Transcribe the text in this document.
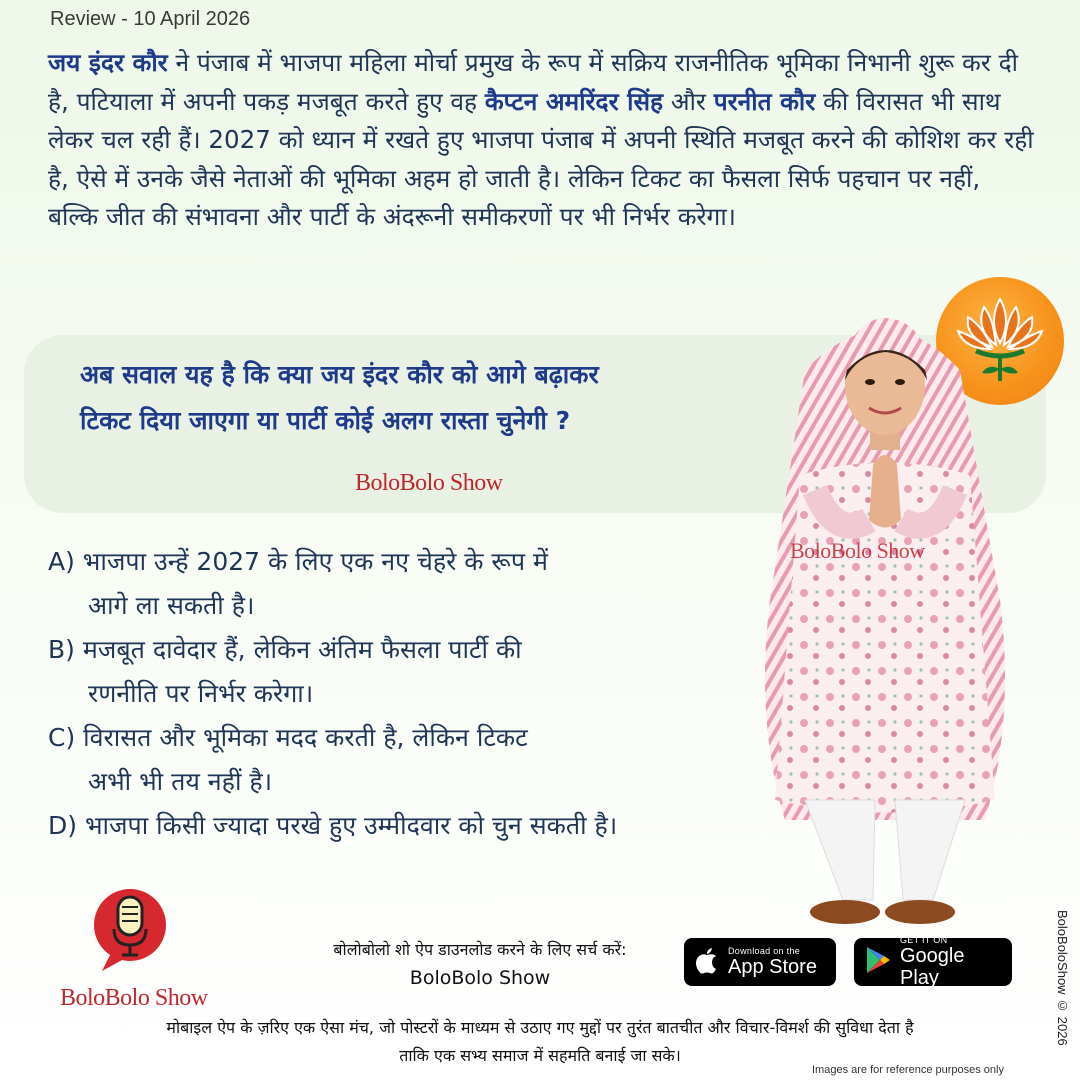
Review - 10 April 2026
जय इंदर कौर ने पंजाब में भाजपा महिला मोर्चा प्रमुख के रूप में सक्रिय राजनीतिक भूमिका निभानी शुरू कर दी है, पटियाला में अपनी पकड़ मजबूत करते हुए वह कैप्टन अमरिंदर सिंह और परनीत कौर की विरासत भी साथ लेकर चल रही हैं। 2027 को ध्यान में रखते हुए भाजपा पंजाब में अपनी स्थिति मजबूत करने की कोशिश कर रही है, ऐसे में उनके जैसे नेताओं की भूमिका अहम हो जाती है। लेकिन टिकट का फैसला सिर्फ पहचान पर नहीं, बल्कि जीत की संभावना और पार्टी के अंदरूनी समीकरणों पर भी निर्भर करेगा।
अब सवाल यह है कि क्या जय इंदर कौर को आगे बढ़ाकर
टिकट दिया जाएगा या पार्टी कोई अलग रास्ता चुनेगी ?
BoloBolo Show
A) भाजपा उन्हें 2027 के लिए एक नए चेहरे के रूप में
आगे ला सकती है।
B) मजबूत दावेदार हैं, लेकिन अंतिम फैसला पार्टी की
रणनीति पर निर्भर करेगा।
C) विरासत और भूमिका मदद करती है, लेकिन टिकट
अभी भी तय नहीं है।
D) भाजपा किसी ज्यादा परखे हुए उम्मीदवार को चुन सकती है।
BoloBolo Show
BoloBolo Show
बोलोबोलो शो ऐप डाउनलोड करने के लिए सर्च करें:
BoloBolo Show
Download on the
App Store
GET IT ON
Google Play	BoloBoloShow © 2026
मोबाइल ऐप के ज़रिए एक ऐसा मंच, जो पोस्टरों के माध्यम से उठाए गए मुद्दों पर तुरंत बातचीत और विचार-विमर्श की सुविधा देता है
ताकि एक सभ्य समाज में सहमति बनाई जा सके।
Images are for reference purposes only
